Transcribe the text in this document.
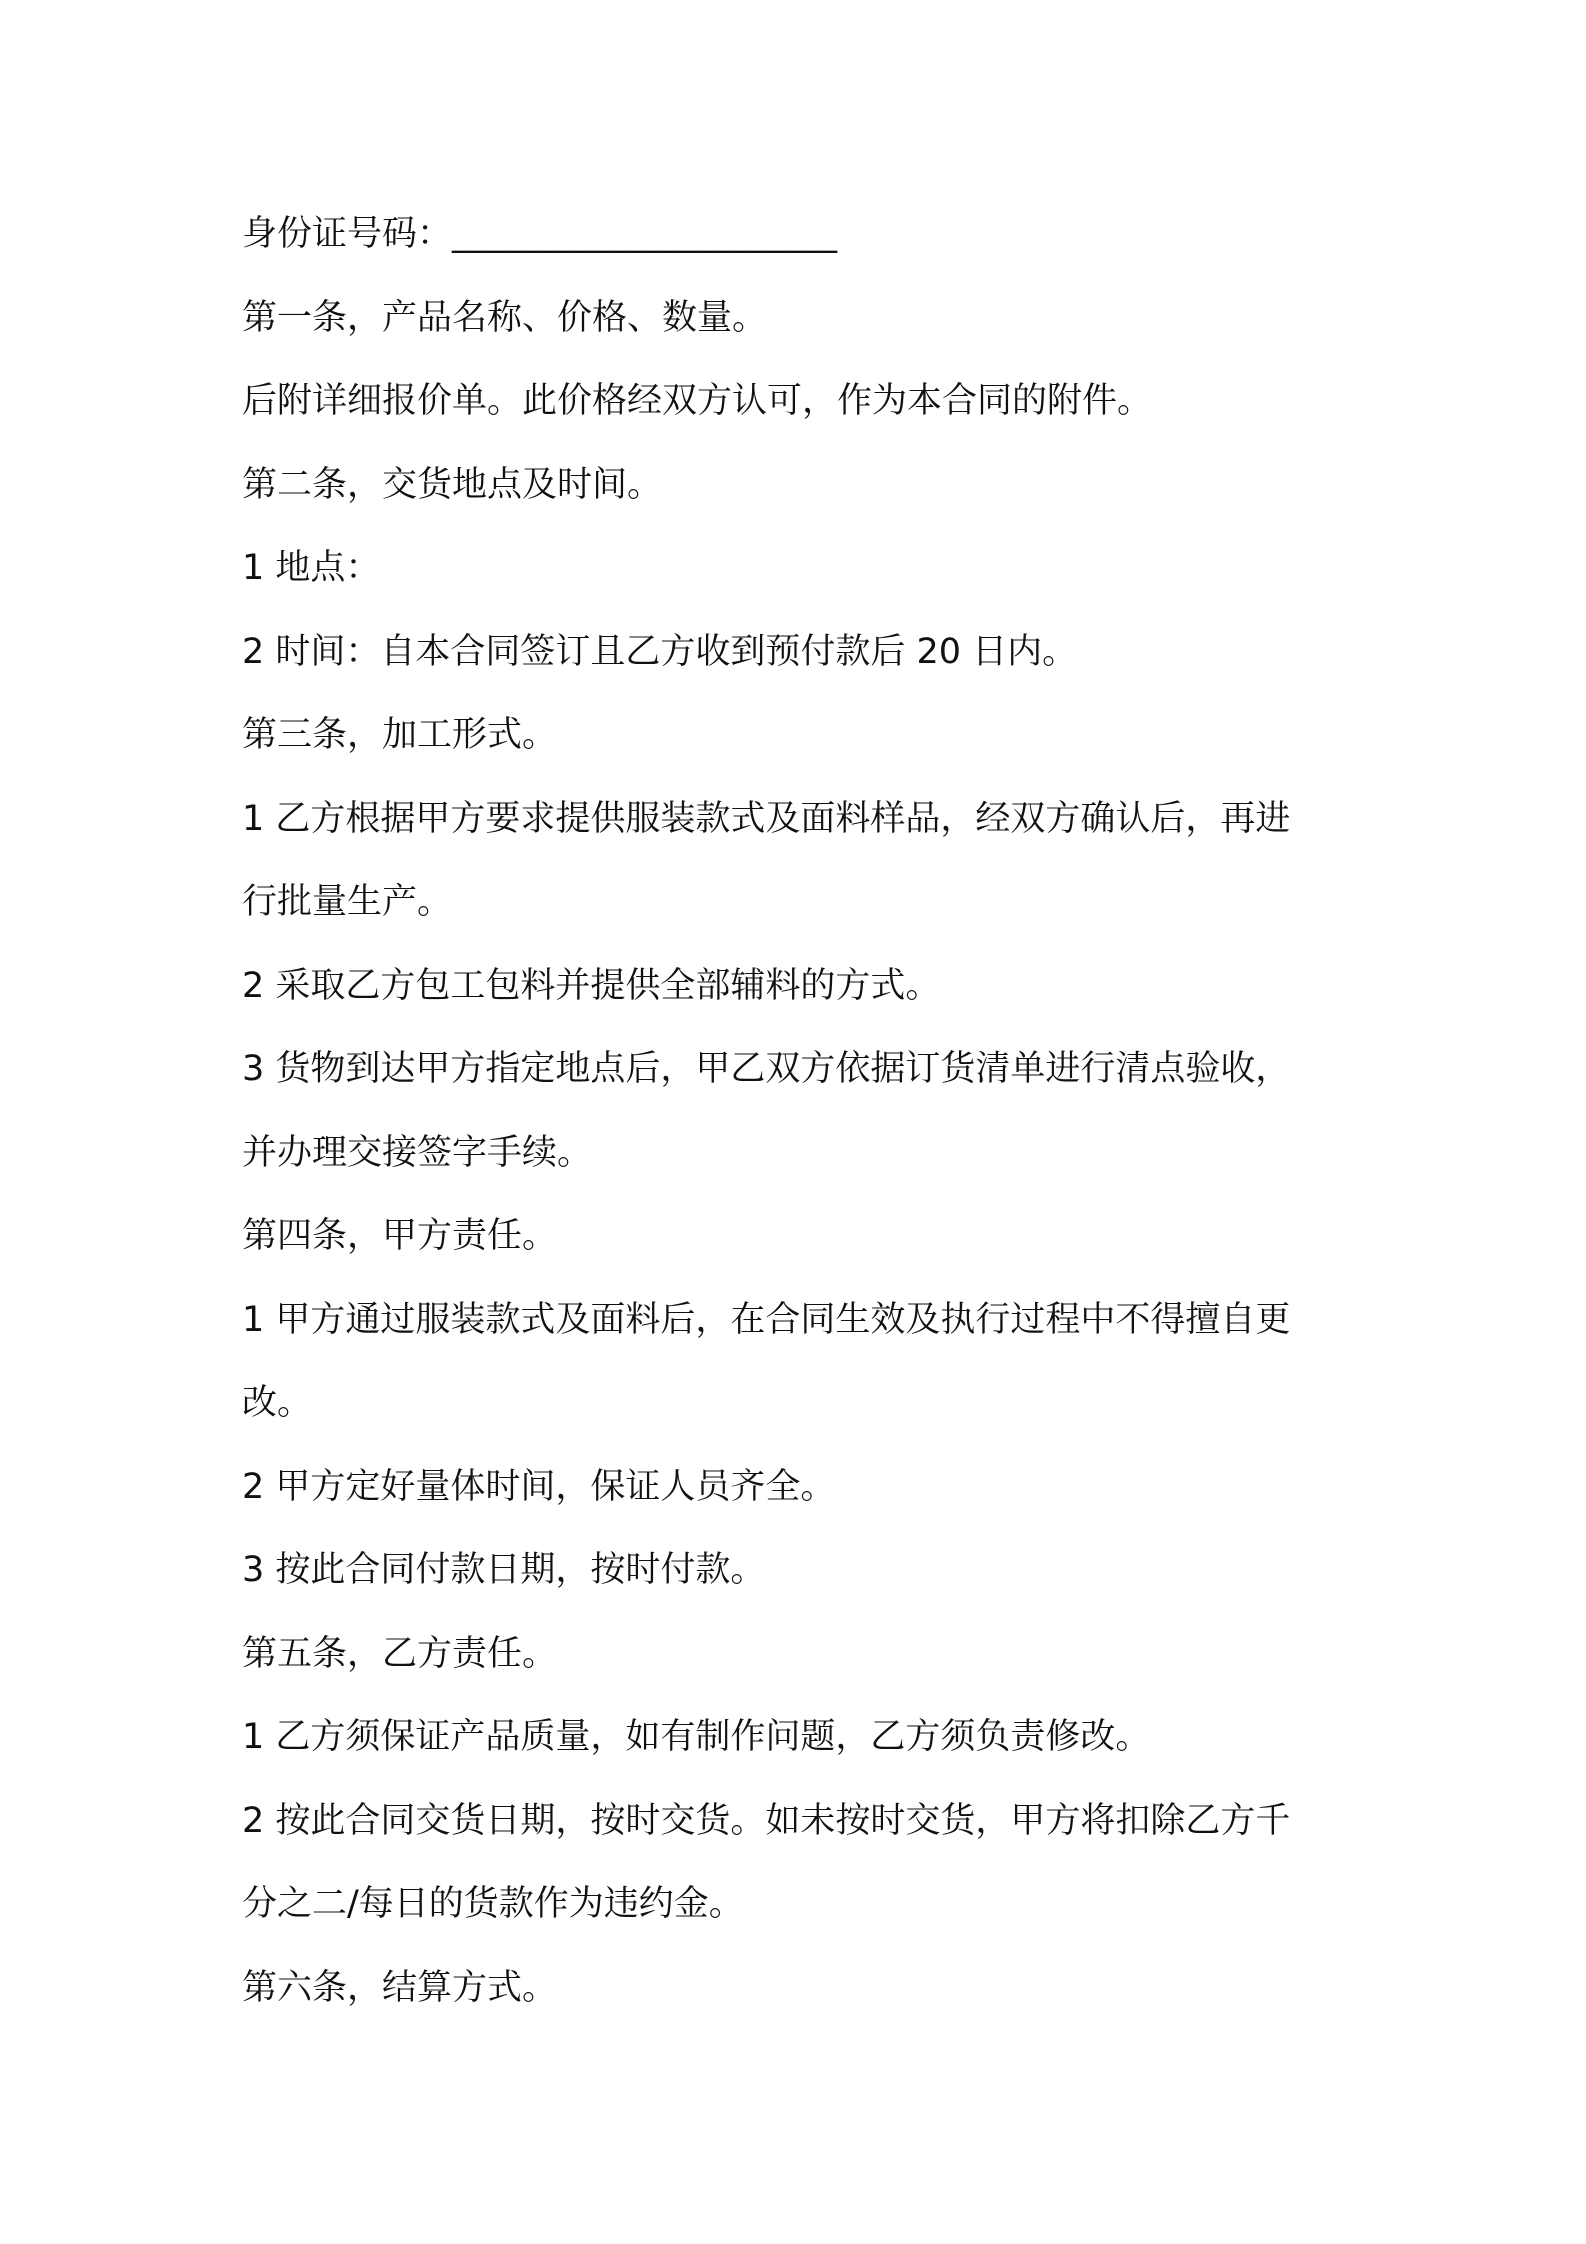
身份证号码：______________________
第一条，产品名称、价格、数量。
后附详细报价单。此价格经双方认可，作为本合同的附件。
第二条，交货地点及时间。
1 地点：
2 时间：自本合同签订且乙方收到预付款后 20 日内。
第三条，加工形式。
1 乙方根据甲方要求提供服装款式及面料样品，经双方确认后，再进
行批量生产。
2 采取乙方包工包料并提供全部辅料的方式。
3 货物到达甲方指定地点后，甲乙双方依据订货清单进行清点验收，
并办理交接签字手续。
第四条，甲方责任。
1 甲方通过服装款式及面料后，在合同生效及执行过程中不得擅自更
改。
2 甲方定好量体时间，保证人员齐全。
3 按此合同付款日期，按时付款。
第五条，乙方责任。
1 乙方须保证产品质量，如有制作问题，乙方须负责修改。
2 按此合同交货日期，按时交货。如未按时交货，甲方将扣除乙方千
分之二/每日的货款作为违约金。
第六条，结算方式。
